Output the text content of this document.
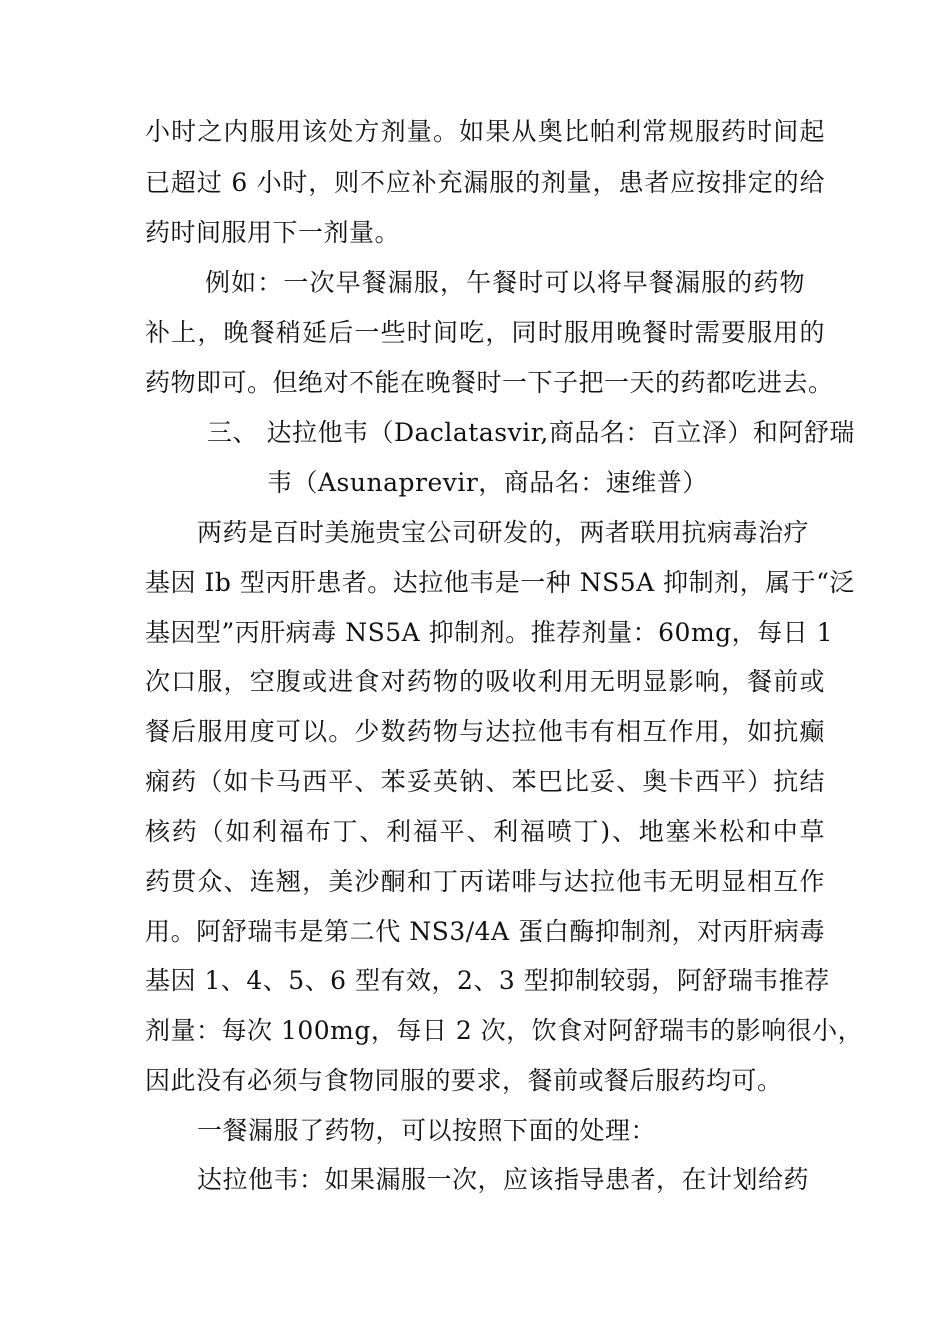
小时之内服用该处方剂量。如果从奥比帕利常规服药时间起
已超过 6 小时，则不应补充漏服的剂量，患者应按排定的给
药时间服用下一剂量。
例如：一次早餐漏服，午餐时可以将早餐漏服的药物
补上，晚餐稍延后一些时间吃，同时服用晚餐时需要服用的
药物即可。但绝对不能在晚餐时一下子把一天的药都吃进去。
三、 达拉他韦（Daclatasvir,商品名：百立泽）和阿舒瑞
韦（Asunaprevir，商品名：速维普）
两药是百时美施贵宝公司研发的，两者联用抗病毒治疗
基因 Ib 型丙肝患者。达拉他韦是一种 NS5A 抑制剂，属于“泛
基因型”丙肝病毒 NS5A 抑制剂。推荐剂量：60mg，每日 1
次口服，空腹或进食对药物的吸收利用无明显影响，餐前或
餐后服用度可以。少数药物与达拉他韦有相互作用，如抗癫
痫药（如卡马西平、苯妥英钠、苯巴比妥、奥卡西平）抗结
核药（如利福布丁、利福平、利福喷丁)、地塞米松和中草
药贯众、连翘，美沙酮和丁丙诺啡与达拉他韦无明显相互作
用。阿舒瑞韦是第二代 NS3/4A 蛋白酶抑制剂，对丙肝病毒
基因 1、4、5、6 型有效，2、3 型抑制较弱，阿舒瑞韦推荐
剂量：每次 100mg，每日 2 次，饮食对阿舒瑞韦的影响很小，
因此没有必须与食物同服的要求，餐前或餐后服药均可。
一餐漏服了药物，可以按照下面的处理：
达拉他韦：如果漏服一次，应该指导患者，在计划给药
